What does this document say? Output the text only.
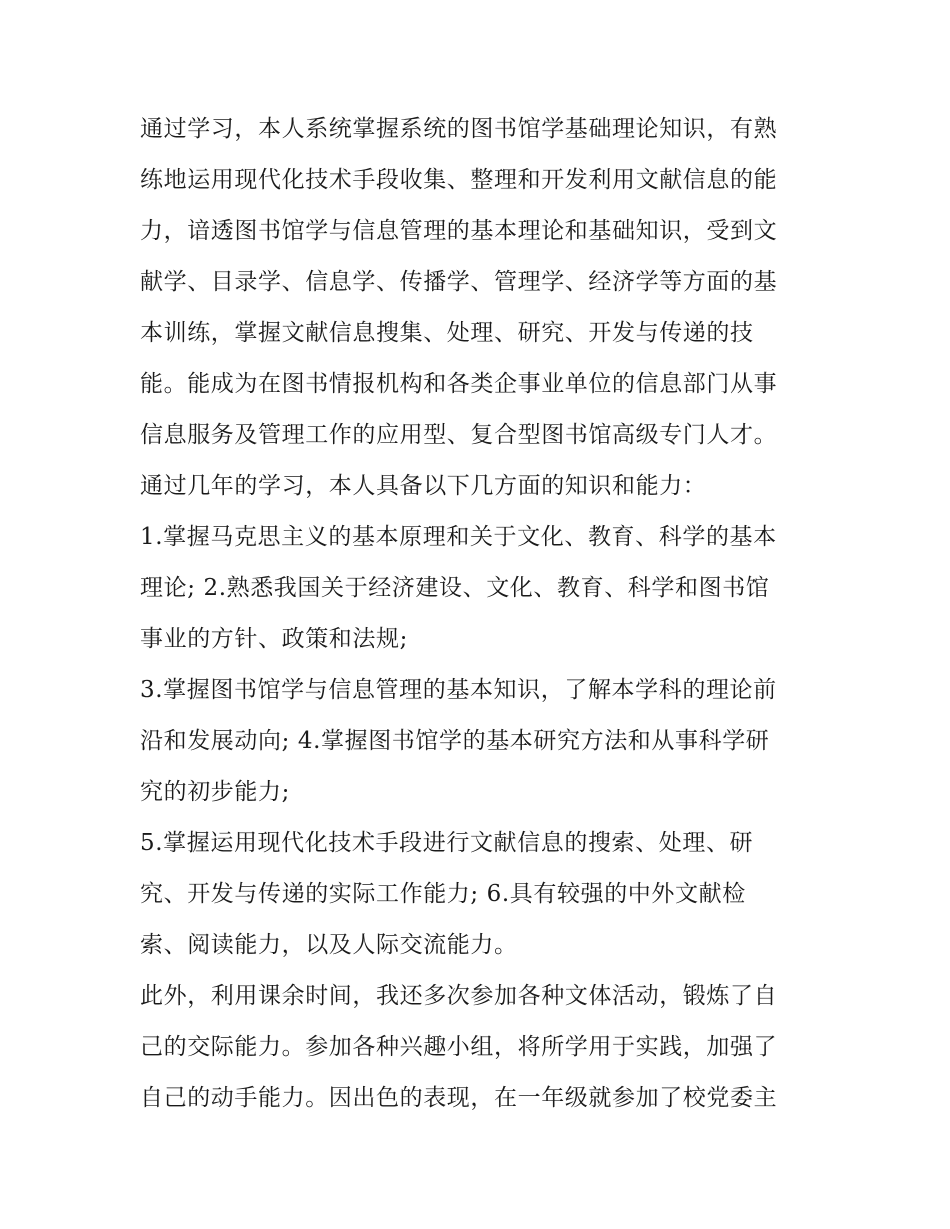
通过学习，本人系统掌握系统的图书馆学基础理论知识，有熟
练地运用现代化技术手段收集、整理和开发利用文献信息的能
力，谙透图书馆学与信息管理的基本理论和基础知识，受到文
献学、目录学、信息学、传播学、管理学、经济学等方面的基
本训练，掌握文献信息搜集、处理、研究、开发与传递的技
能。能成为在图书情报机构和各类企事业单位的信息部门从事
信息服务及管理工作的应用型、复合型图书馆高级专门人才。
通过几年的学习，本人具备以下几方面的知识和能力：
1.掌握马克思主义的基本原理和关于文化、教育、科学的基本
理论; 2.熟悉我国关于经济建设、文化、教育、科学和图书馆
事业的方针、政策和法规;
3.掌握图书馆学与信息管理的基本知识，了解本学科的理论前
沿和发展动向; 4.掌握图书馆学的基本研究方法和从事科学研
究的初步能力;
5.掌握运用现代化技术手段进行文献信息的搜索、处理、研
究、开发与传递的实际工作能力; 6.具有较强的中外文献检
索、阅读能力，以及人际交流能力。
此外，利用课余时间，我还多次参加各种文体活动，锻炼了自
己的交际能力。参加各种兴趣小组，将所学用于实践，加强了
自己的动手能力。因出色的表现，在一年级就参加了校党委主
